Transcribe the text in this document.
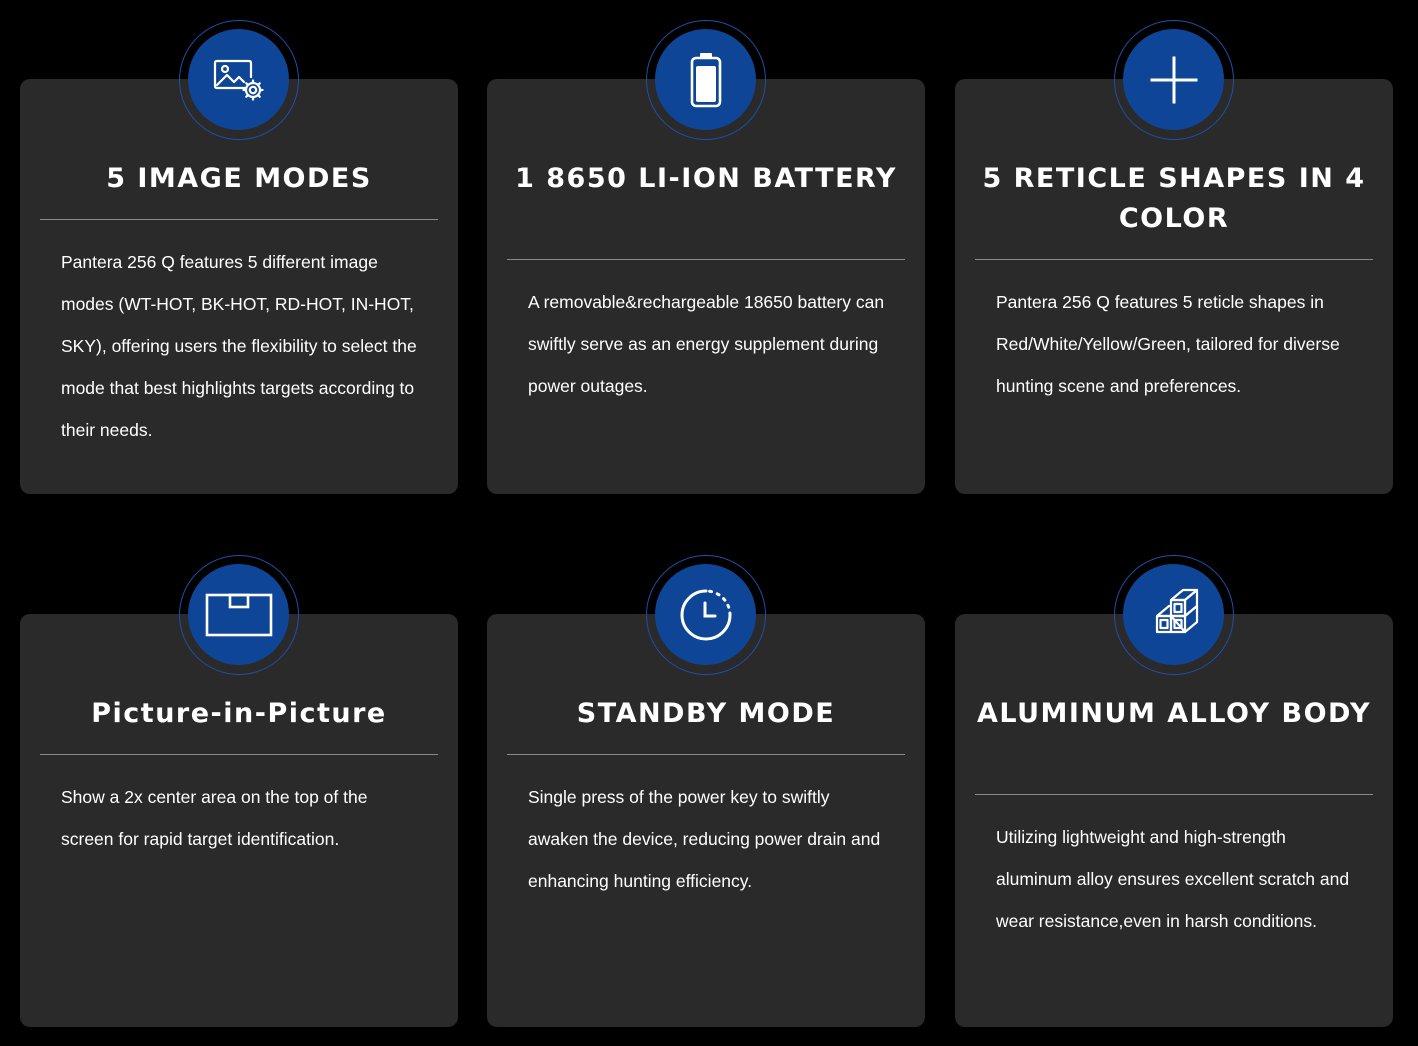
5 IMAGE MODES

Pantera 256 Q features 5 different image modes (WT-HOT, BK-HOT, RD-HOT, IN-HOT, SKY), offering users the flexibility to select the mode that best highlights targets according to their needs.

1 8650 LI-ION BATTERY

A removable&rechargeable 18650 battery can swiftly serve as an energy supplement during power outages.

5 RETICLE SHAPES IN 4 COLOR

Pantera 256 Q features 5 reticle shapes in Red/White/Yellow/Green, tailored for diverse hunting scene and preferences.

Picture-in-Picture

Show a 2x center area on the top of the screen for rapid target identification.

STANDBY MODE

Single press of the power key to swiftly awaken the device, reducing power drain and enhancing hunting efficiency.

ALUMINUM ALLOY BODY

Utilizing lightweight and high-strength aluminum alloy ensures excellent scratch and wear resistance,even in harsh conditions.
